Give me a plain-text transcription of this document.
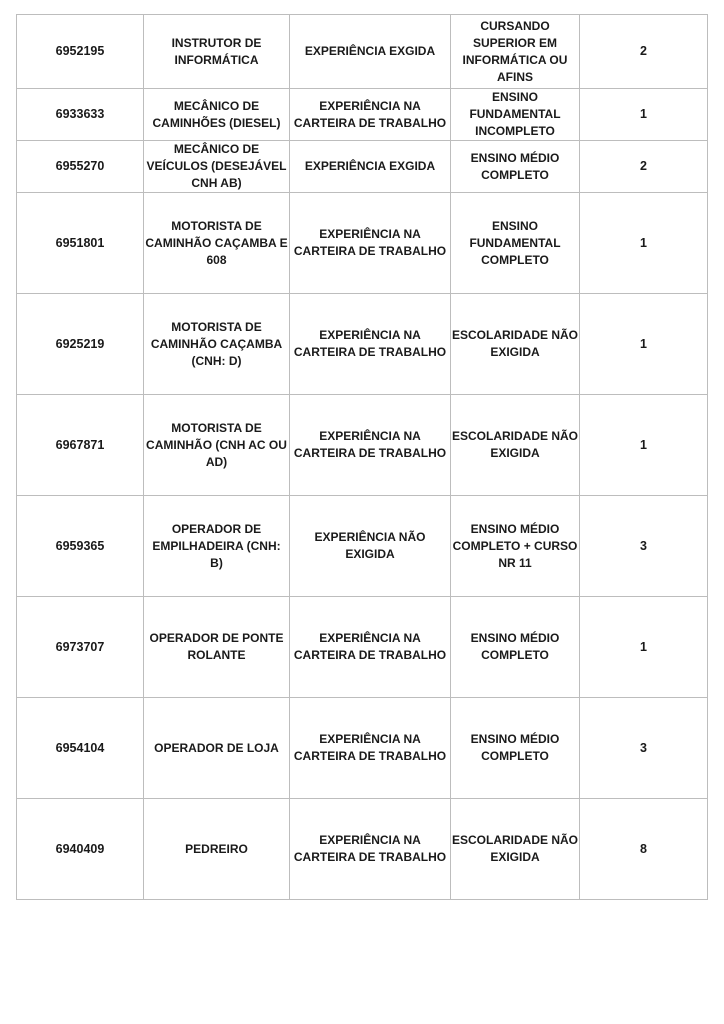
6952195	INSTRUTOR DE INFORMÁTICA	EXPERIÊNCIA EXGIDA	CURSANDO SUPERIOR EM INFORMÁTICA OU AFINS	2
6933633	MECÂNICO DE CAMINHÕES (DIESEL)	EXPERIÊNCIA NA CARTEIRA DE TRABALHO	ENSINO FUNDAMENTAL INCOMPLETO	1
6955270	MECÂNICO DE VEÍCULOS (DESEJÁVEL CNH AB)	EXPERIÊNCIA EXGIDA	ENSINO MÉDIO COMPLETO	2
6951801	MOTORISTA DE CAMINHÃO CAÇAMBA E 608	EXPERIÊNCIA NA CARTEIRA DE TRABALHO	ENSINO FUNDAMENTAL COMPLETO	1
6925219	MOTORISTA DE CAMINHÃO CAÇAMBA (CNH: D)	EXPERIÊNCIA NA CARTEIRA DE TRABALHO	ESCOLARIDADE NÃO EXIGIDA	1
6967871	MOTORISTA DE CAMINHÃO (CNH AC OU AD)	EXPERIÊNCIA NA CARTEIRA DE TRABALHO	ESCOLARIDADE NÃO EXIGIDA	1
6959365	OPERADOR DE EMPILHADEIRA (CNH: B)	EXPERIÊNCIA NÃO EXIGIDA	ENSINO MÉDIO COMPLETO + CURSO NR 11	3
6973707	OPERADOR DE PONTE ROLANTE	EXPERIÊNCIA NA CARTEIRA DE TRABALHO	ENSINO MÉDIO COMPLETO	1
6954104	OPERADOR DE LOJA	EXPERIÊNCIA NA CARTEIRA DE TRABALHO	ENSINO MÉDIO COMPLETO	3
6940409	PEDREIRO	EXPERIÊNCIA NA CARTEIRA DE TRABALHO	ESCOLARIDADE NÃO EXIGIDA	8
